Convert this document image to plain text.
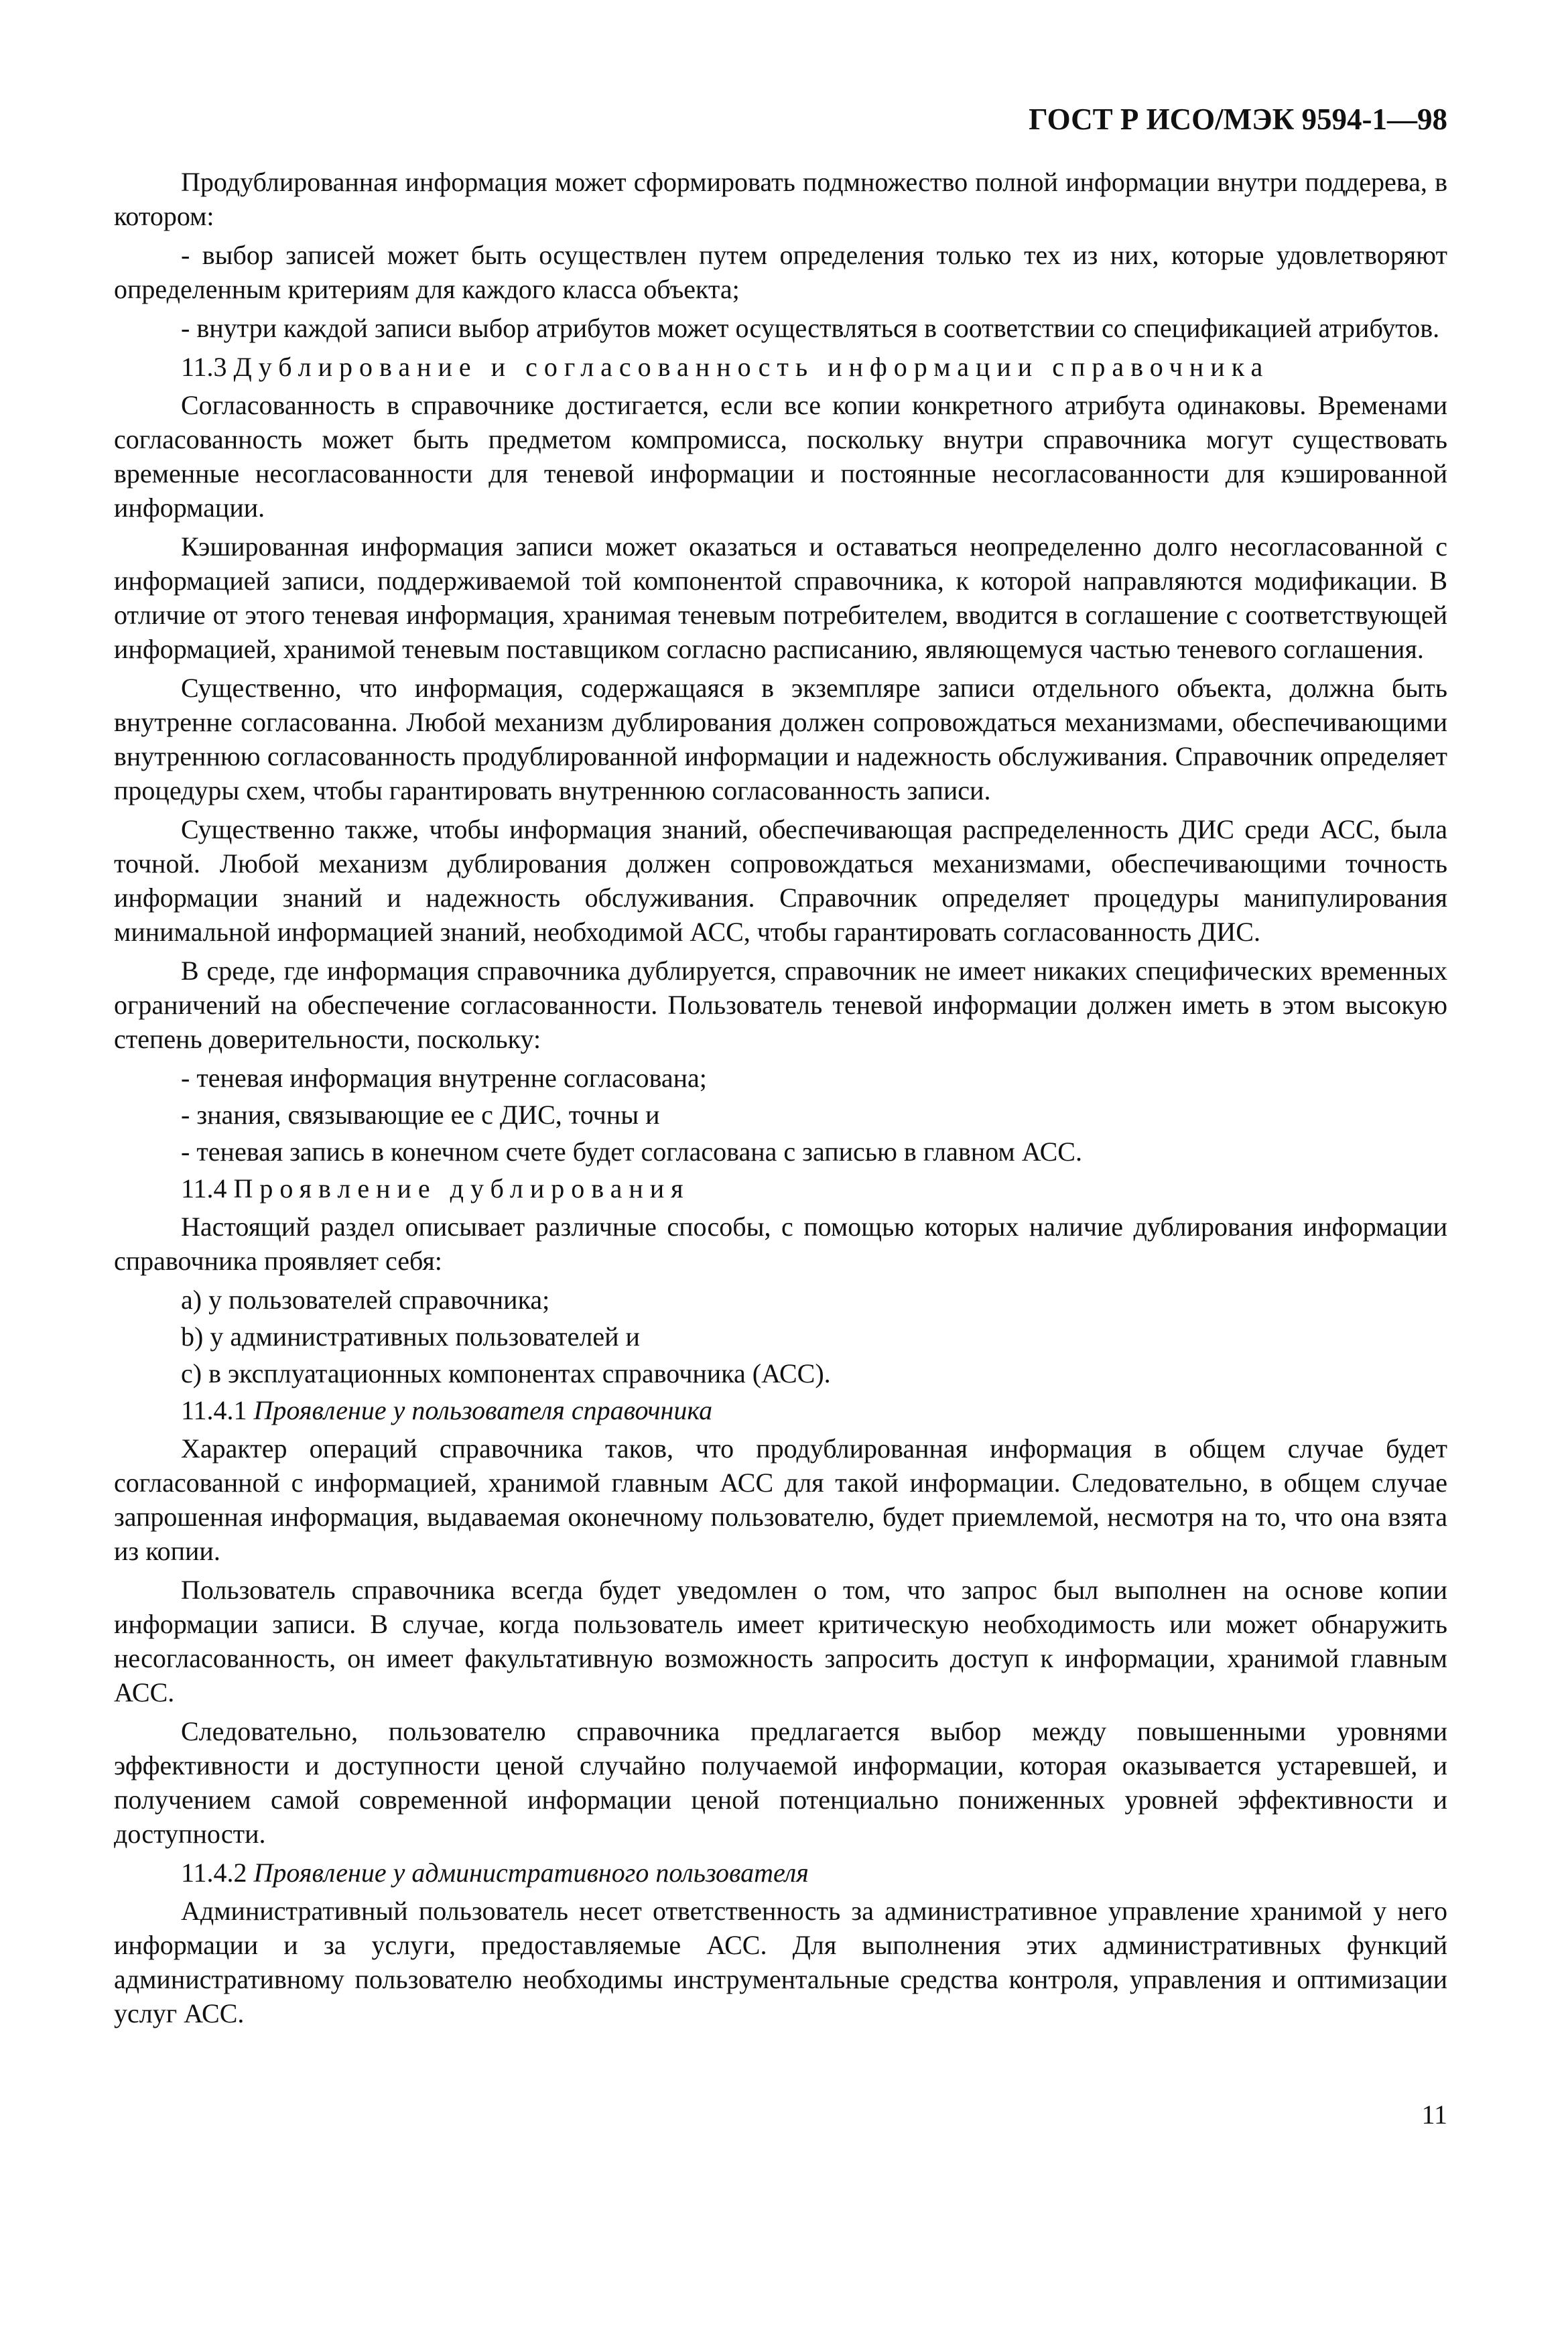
ГОСТ Р ИСО/МЭК 9594-1—98
Продублированная информация может сформировать подмножество полной информации внутри поддерева, в котором:
- выбор записей может быть осуществлен путем определения только тех из них, которые удовлетворяют определенным критериям для каждого класса объекта;
- внутри каждой записи выбор атрибутов может осуществляться в соответствии со спецификацией атрибутов.
11.3 Дублирование и согласованность информации справочника
Согласованность в справочнике достигается, если все копии конкретного атрибута одинаковы. Временами согласованность может быть предметом компромисса, поскольку внутри справочника могут существовать временные несогласованности для теневой информации и постоянные несогласованности для кэшированной информации.
Кэшированная информация записи может оказаться и оставаться неопределенно долго несогласованной с информацией записи, поддерживаемой той компонентой справочника, к которой направляются модификации. В отличие от этого теневая информация, хранимая теневым потребителем, вводится в соглашение с соответствующей информацией, хранимой теневым поставщиком согласно расписанию, являющемуся частью теневого соглашения.
Существенно, что информация, содержащаяся в экземпляре записи отдельного объекта, должна быть внутренне согласованна. Любой механизм дублирования должен сопровождаться механизмами, обеспечивающими внутреннюю согласованность продублированной информации и надежность обслуживания. Справочник определяет процедуры схем, чтобы гарантировать внутреннюю согласованность записи.
Существенно также, чтобы информация знаний, обеспечивающая распределенность ДИС среди АСС, была точной. Любой механизм дублирования должен сопровождаться механизмами, обеспечивающими точность информации знаний и надежность обслуживания. Справочник определяет процедуры манипулирования минимальной информацией знаний, необходимой АСС, чтобы гарантировать согласованность ДИС.
В среде, где информация справочника дублируется, справочник не имеет никаких специфических временных ограничений на обеспечение согласованности. Пользователь теневой информации должен иметь в этом высокую степень доверительности, поскольку:
- теневая информация внутренне согласована;
- знания, связывающие ее с ДИС, точны и
- теневая запись в конечном счете будет согласована с записью в главном АСС.
11.4 Проявление дублирования
Настоящий раздел описывает различные способы, с помощью которых наличие дублирования информации справочника проявляет себя:
a) у пользователей справочника;
b) у административных пользователей и
c) в эксплуатационных компонентах справочника (АСС).
11.4.1 Проявление у пользователя справочника
Характер операций справочника таков, что продублированная информация в общем случае будет согласованной с информацией, хранимой главным АСС для такой информации. Следовательно, в общем случае запрошенная информация, выдаваемая оконечному пользователю, будет приемлемой, несмотря на то, что она взята из копии.
Пользователь справочника всегда будет уведомлен о том, что запрос был выполнен на основе копии информации записи. В случае, когда пользователь имеет критическую необходимость или может обнаружить несогласованность, он имеет факультативную возможность запросить доступ к информации, хранимой главным АСС.
Следовательно, пользователю справочника предлагается выбор между повышенными уровнями эффективности и доступности ценой случайно получаемой информации, которая оказывается устаревшей, и получением самой современной информации ценой потенциально пониженных уровней эффективности и доступности.
11.4.2 Проявление у административного пользователя
Административный пользователь несет ответственность за административное управление хранимой у него информации и за услуги, предоставляемые АСС. Для выполнения этих административных функций административному пользователю необходимы инструментальные средства контроля, управления и оптимизации услуг АСС.
11
